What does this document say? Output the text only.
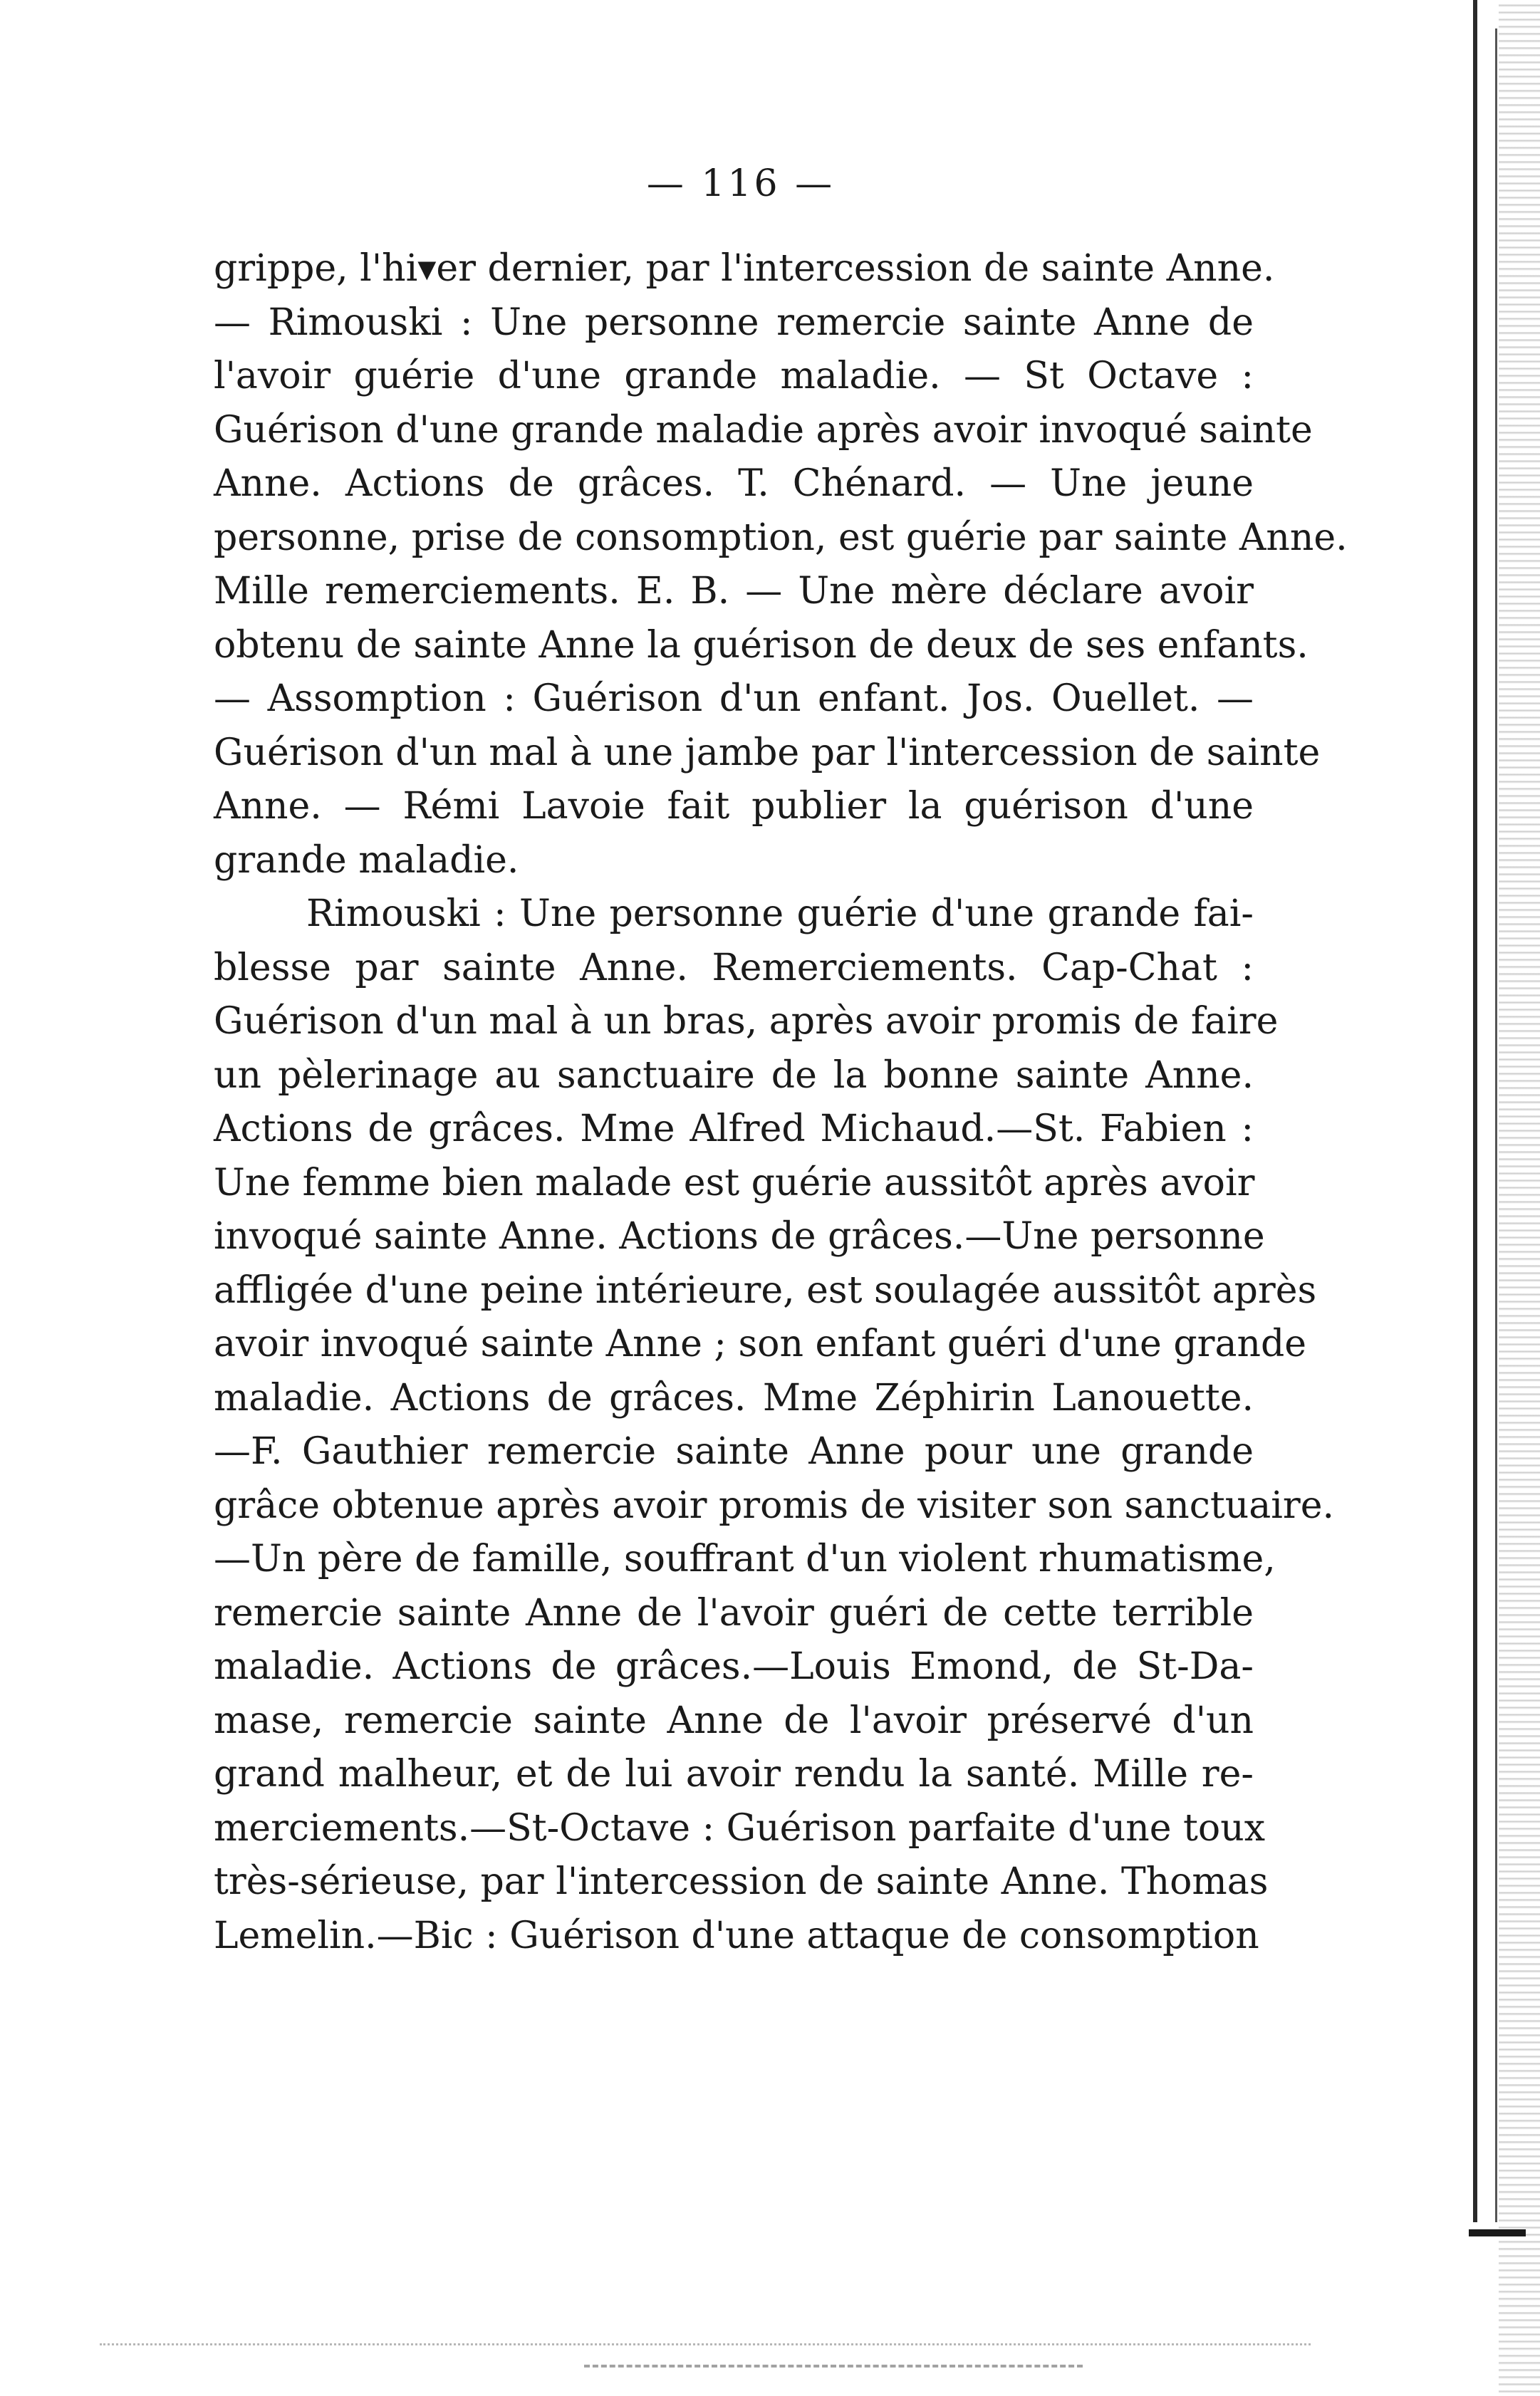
— 116 —
grippe, l'hi▾er dernier, par l'intercession de sainte Anne.
— Rimouski : Une personne remercie sainte Anne de
l'avoir guérie d'une grande maladie. — St Octave :
Guérison d'une grande maladie après avoir invoqué sainte
Anne. Actions de grâces. T. Chénard. — Une jeune
personne, prise de consomption, est guérie par sainte Anne.
Mille remerciements. E. B. — Une mère déclare avoir
obtenu de sainte Anne la guérison de deux de ses enfants.
— Assomption : Guérison d'un enfant. Jos. Ouellet. —
Guérison d'un mal à une jambe par l'intercession de sainte
Anne. — Rémi Lavoie fait publier la guérison d'une
grande maladie.
Rimouski : Une personne guérie d'une grande fai-
blesse par sainte Anne. Remerciements. Cap-Chat :
Guérison d'un mal à un bras, après avoir promis de faire
un pèlerinage au sanctuaire de la bonne sainte Anne.
Actions de grâces. Mme Alfred Michaud.—St. Fabien :
Une femme bien malade est guérie aussitôt après avoir
invoqué sainte Anne. Actions de grâces.—Une personne
affligée d'une peine intérieure, est soulagée aussitôt après
avoir invoqué sainte Anne ; son enfant guéri d'une grande
maladie. Actions de grâces. Mme Zéphirin Lanouette.
—F. Gauthier remercie sainte Anne pour une grande
grâce obtenue après avoir promis de visiter son sanctuaire.
—Un père de famille, souffrant d'un violent rhumatisme,
remercie sainte Anne de l'avoir guéri de cette terrible
maladie. Actions de grâces.—Louis Emond, de St-Da-
mase, remercie sainte Anne de l'avoir préservé d'un
grand malheur, et de lui avoir rendu la santé. Mille re-
merciements.—St-Octave : Guérison parfaite d'une toux
très-sérieuse, par l'intercession de sainte Anne. Thomas
Lemelin.—Bic : Guérison d'une attaque de consomption
